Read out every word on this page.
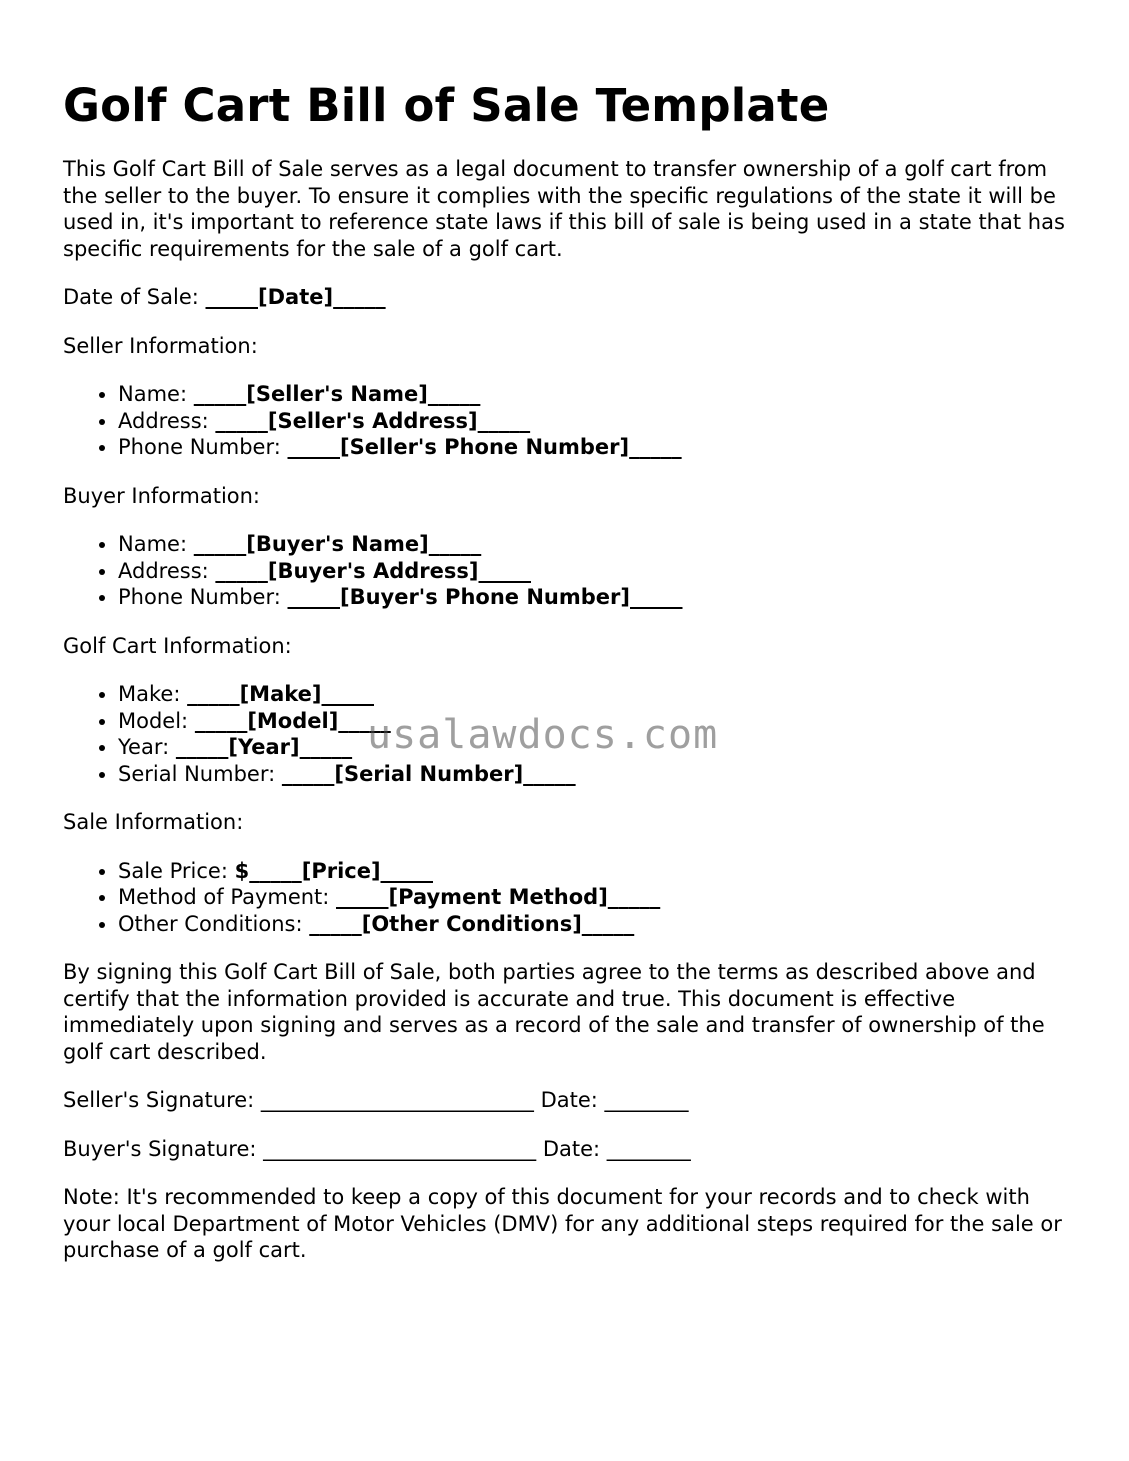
Golf Cart Bill of Sale Template

This Golf Cart Bill of Sale serves as a legal document to transfer ownership of a golf cart from the seller to the buyer. To ensure it complies with the specific regulations of the state it will be used in, it's important to reference state laws if this bill of sale is being used in a state that has specific requirements for the sale of a golf cart.

Date of Sale: _____[Date]_____

Seller Information:

• Name: _____[Seller's Name]_____
• Address: _____[Seller's Address]_____
• Phone Number: _____[Seller's Phone Number]_____

Buyer Information:

• Name: _____[Buyer's Name]_____
• Address: _____[Buyer's Address]_____
• Phone Number: _____[Buyer's Phone Number]_____

Golf Cart Information:

• Make: _____[Make]_____
• Model: _____[Model]_____
• Year: _____[Year]_____
• Serial Number: _____[Serial Number]_____

Sale Information:

• Sale Price: $_____[Price]_____
• Method of Payment: _____[Payment Method]_____
• Other Conditions: _____[Other Conditions]_____

By signing this Golf Cart Bill of Sale, both parties agree to the terms as described above and certify that the information provided is accurate and true. This document is effective immediately upon signing and serves as a record of the sale and transfer of ownership of the golf cart described.

Seller's Signature: __________________________ Date: ________

Buyer's Signature: __________________________ Date: ________

Note: It's recommended to keep a copy of this document for your records and to check with your local Department of Motor Vehicles (DMV) for any additional steps required for the sale or purchase of a golf cart.

usalawdocs.com
